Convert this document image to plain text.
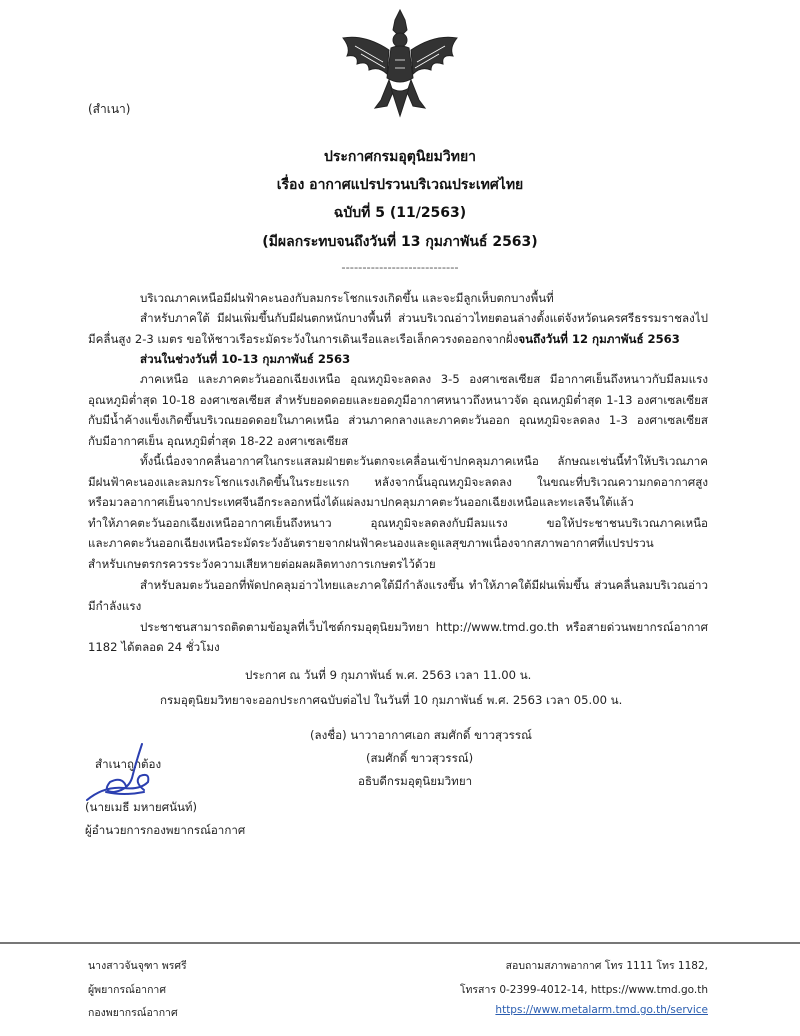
(สำเนา)
ประกาศกรมอุตุนิยมวิทยา
เรื่อง อากาศแปรปรวนบริเวณประเทศไทย
ฉบับที่ 5 (11/2563)
(มีผลกระทบจนถึงวันที่ 13 กุมภาพันธ์ 2563)
----------------------------
บริเวณภาคเหนือมีฝนฟ้าคะนองกับลมกระโชกแรงเกิดขึ้น และจะมีลูกเห็บตกบางพื้นที่
สำหรับภาคใต้ มีฝนเพิ่มขึ้นกับมีฝนตกหนักบางพื้นที่ ส่วนบริเวณอ่าวไทยตอนล่างตั้งแต่จังหวัดนครศรีธรรมราชลงไป
มีคลื่นสูง 2-3 เมตร ขอให้ชาวเรือระมัดระวังในการเดินเรือและเรือเล็กควรงดออกจากฝั่งจนถึงวันที่ 12 กุมภาพันธ์ 2563
ส่วนในช่วงวันที่ 10-13 กุมภาพันธ์ 2563
ภาคเหนือ และภาคตะวันออกเฉียงเหนือ อุณหภูมิจะลดลง 3-5 องศาเซลเซียส มีอากาศเย็นถึงหนาวกับมีลมแรง
อุณหภูมิต่ำสุด 10-18 องศาเซลเซียส สำหรับยอดดอยและยอดภูมีอากาศหนาวถึงหนาวจัด อุณหภูมิต่ำสุด 1-13 องศาเซลเซียส
กับมีน้ำค้างแข็งเกิดขึ้นบริเวณยอดดอยในภาคเหนือ ส่วนภาคกลางและภาคตะวันออก อุณหภูมิจะลดลง 1-3 องศาเซลเซียส
กับมีอากาศเย็น อุณหภูมิต่ำสุด 18-22 องศาเซลเซียส
ทั้งนี้เนื่องจากคลื่นอากาศในกระแสลมฝ่ายตะวันตกจะเคลื่อนเข้าปกคลุมภาคเหนือ ลักษณะเช่นนี้ทำให้บริเวณภาค
มีฝนฟ้าคะนองและลมกระโชกแรงเกิดขึ้นในระยะแรก หลังจากนั้นอุณหภูมิจะลดลง ในขณะที่บริเวณความกดอากาศสูง
หรือมวลอากาศเย็นจากประเทศจีนอีกระลอกหนึ่งได้แผ่ลงมาปกคลุมภาคตะวันออกเฉียงเหนือและทะเลจีนใต้แล้ว
ทำให้ภาคตะวันออกเฉียงเหนืออากาศเย็นถึงหนาว อุณหภูมิจะลดลงกับมีลมแรง ขอให้ประชาชนบริเวณภาคเหนือ
และภาคตะวันออกเฉียงเหนือระมัดระวังอันตรายจากฝนฟ้าคะนองและดูแลสุขภาพเนื่องจากสภาพอากาศที่แปรปรวน
สำหรับเกษตรกรควรระวังความเสียหายต่อผลผลิตทางการเกษตรไว้ด้วย
สำหรับลมตะวันออกที่พัดปกคลุมอ่าวไทยและภาคใต้มีกำลังแรงขึ้น ทำให้ภาคใต้มีฝนเพิ่มขึ้น ส่วนคลื่นลมบริเวณอ่าว
มีกำลังแรง
ประชาชนสามารถติดตามข้อมูลที่เว็บไซต์กรมอุตุนิยมวิทยา http://www.tmd.go.th หรือสายด่วนพยากรณ์อากาศ
1182 ได้ตลอด 24 ชั่วโมง
ประกาศ ณ วันที่ 9 กุมภาพันธ์ พ.ศ. 2563 เวลา 11.00 น.
กรมอุตุนิยมวิทยาจะออกประกาศฉบับต่อไป ในวันที่ 10 กุมภาพันธ์ พ.ศ. 2563 เวลา 05.00 น.
(ลงชื่อ) นาวาอากาศเอก สมศักดิ์ ขาวสุวรรณ์
(สมศักดิ์ ขาวสุวรรณ์)
อธิบดีกรมอุตุนิยมวิทยา
สำเนาถูกต้อง
(นายเมธี มหายศนันท์)
ผู้อำนวยการกองพยากรณ์อากาศ
นางสาวจันจุฑา พรศรี
ผู้พยากรณ์อากาศ
กองพยากรณ์อากาศ
สอบถามสภาพอากาศ โทร 1111 โทร 1182,
โทรสาร 0-2399-4012-14, https://www.tmd.go.th
https://www.metalarm.tmd.go.th/service
